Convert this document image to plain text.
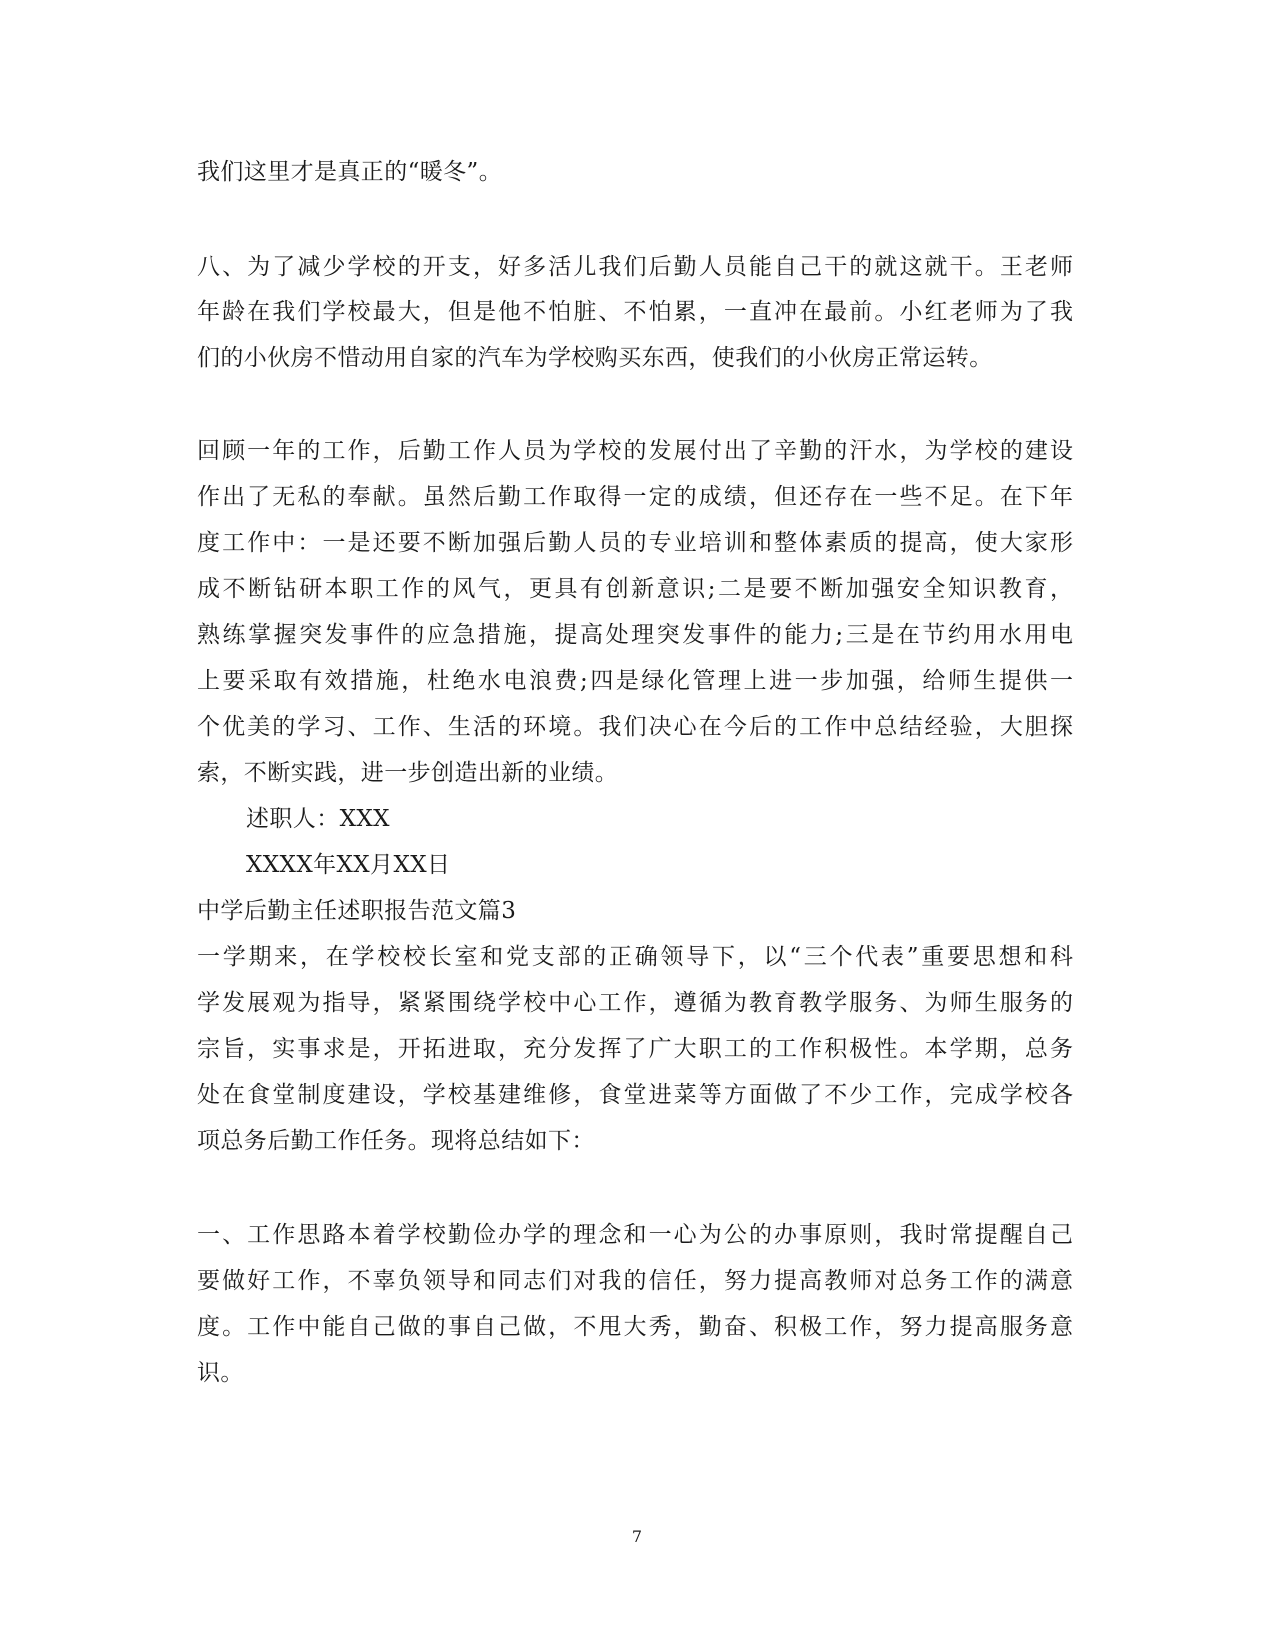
我们这里才是真正的“暖冬”。
八、为了减少学校的开支，好多活儿我们后勤人员能自己干的就这就干。王老师
年龄在我们学校最大，但是他不怕脏、不怕累，一直冲在最前。小红老师为了我
们的小伙房不惜动用自家的汽车为学校购买东西，使我们的小伙房正常运转。
回顾一年的工作，后勤工作人员为学校的发展付出了辛勤的汗水，为学校的建设
作出了无私的奉献。虽然后勤工作取得一定的成绩，但还存在一些不足。在下年
度工作中：一是还要不断加强后勤人员的专业培训和整体素质的提高，使大家形
成不断钻研本职工作的风气，更具有创新意识;二是要不断加强安全知识教育，
熟练掌握突发事件的应急措施，提高处理突发事件的能力;三是在节约用水用电
上要采取有效措施，杜绝水电浪费;四是绿化管理上进一步加强，给师生提供一
个优美的学习、工作、生活的环境。我们决心在今后的工作中总结经验，大胆探
索，不断实践，进一步创造出新的业绩。
述职人：XXX
XXXX年XX月XX日
中学后勤主任述职报告范文篇3
一学期来，在学校校长室和党支部的正确领导下，以“三个代表”重要思想和科
学发展观为指导，紧紧围绕学校中心工作，遵循为教育教学服务、为师生服务的
宗旨，实事求是，开拓进取，充分发挥了广大职工的工作积极性。本学期，总务
处在食堂制度建设，学校基建维修，食堂进菜等方面做了不少工作，完成学校各
项总务后勤工作任务。现将总结如下：
一、工作思路本着学校勤俭办学的理念和一心为公的办事原则，我时常提醒自己
要做好工作，不辜负领导和同志们对我的信任，努力提高教师对总务工作的满意
度。工作中能自己做的事自己做，不甩大秀，勤奋、积极工作，努力提高服务意
识。
7
